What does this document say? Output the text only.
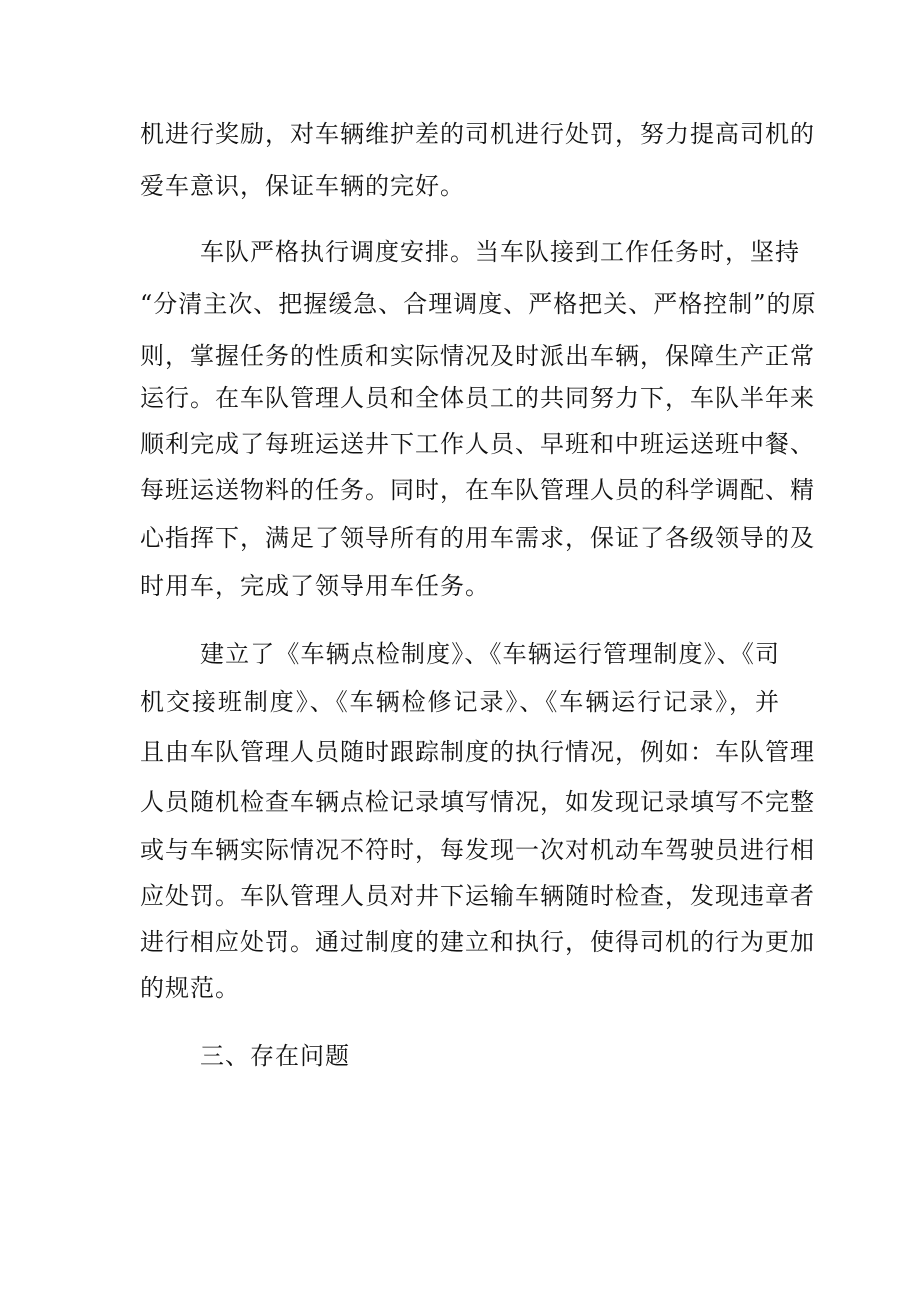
机进行奖励，对车辆维护差的司机进行处罚，努力提高司机的
爱车意识，保证车辆的完好。
车队严格执行调度安排。当车队接到工作任务时，坚持
“分清主次、把握缓急、合理调度、严格把关、严格控制”的原
则，掌握任务的性质和实际情况及时派出车辆，保障生产正常
运行。在车队管理人员和全体员工的共同努力下，车队半年来
顺利完成了每班运送井下工作人员、早班和中班运送班中餐、
每班运送物料的任务。同时，在车队管理人员的科学调配、精
心指挥下，满足了领导所有的用车需求，保证了各级领导的及
时用车，完成了领导用车任务。
建立了《车辆点检制度》、《车辆运行管理制度》、《司
机交接班制度》、《车辆检修记录》、《车辆运行记录》，并
且由车队管理人员随时跟踪制度的执行情况，例如：车队管理
人员随机检查车辆点检记录填写情况，如发现记录填写不完整
或与车辆实际情况不符时，每发现一次对机动车驾驶员进行相
应处罚。车队管理人员对井下运输车辆随时检查，发现违章者
进行相应处罚。通过制度的建立和执行，使得司机的行为更加
的规范。
三、存在问题
